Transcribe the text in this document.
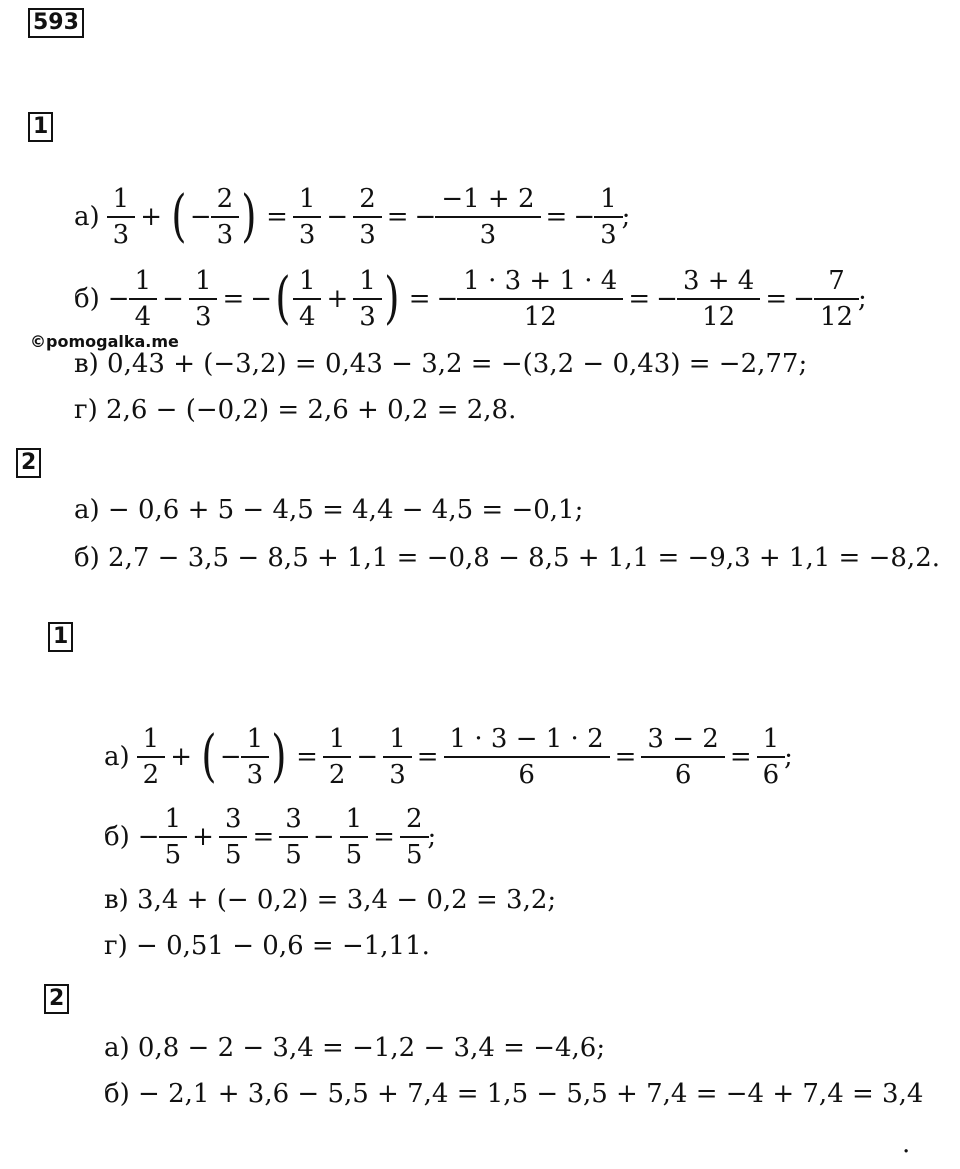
593
1
$а) \frac{1}{3}$ + ( − $\frac{2}{3}$ ) = $\frac{1}{3} - \frac{2}{3}$ = − $\frac{-1 + 2}{3}$ = − $\frac{1}{3}$ ;
$б) - \frac{1}{4} - \frac{1}{3}$ = − ( $\frac{1}{4} + \frac{1}{3}$ ) = − $\frac{1 \cdot 3 + 1 \cdot 4}{12}$ = − $\frac{3 + 4}{12}$ = − $\frac{7}{12}$ ;
©pomogalka.me
в) 0,43 + (−3,2) = 0,43 − 3,2 = −(3,2 − 0,43) = −2,77;
г) 2,6 − (−0,2) = 2,6 + 0,2 = 2,8.
2
а) − 0,6 + 5 − 4,5 = 4,4 − 4,5 = −0,1;
б) 2,7 − 3,5 − 8,5 + 1,1 = −0,8 − 8,5 + 1,1 = −9,3 + 1,1 = −8,2.
1
$а) \frac{1}{2}$ + ( − $\frac{1}{3}$ ) = $\frac{1}{2} - \frac{1}{3} = \frac{1 \cdot 3 - 1 \cdot 2}{6} = \frac{3 - 2}{6} = \frac{1}{6}$ ;
$б) - \frac{1}{5} + \frac{3}{5} = \frac{3}{5} - \frac{1}{5} = \frac{2}{5}$ ;
в) 3,4 + (− 0,2) = 3,4 − 0,2 = 3,2;
г) − 0,51 − 0,6 = −1,11.
2
а) 0,8 − 2 − 3,4 = −1,2 − 3,4 = −4,6;
б) − 2,1 + 3,6 − 5,5 + 7,4 = 1,5 − 5,5 + 7,4 = −4 + 7,4 = 3,4
.
